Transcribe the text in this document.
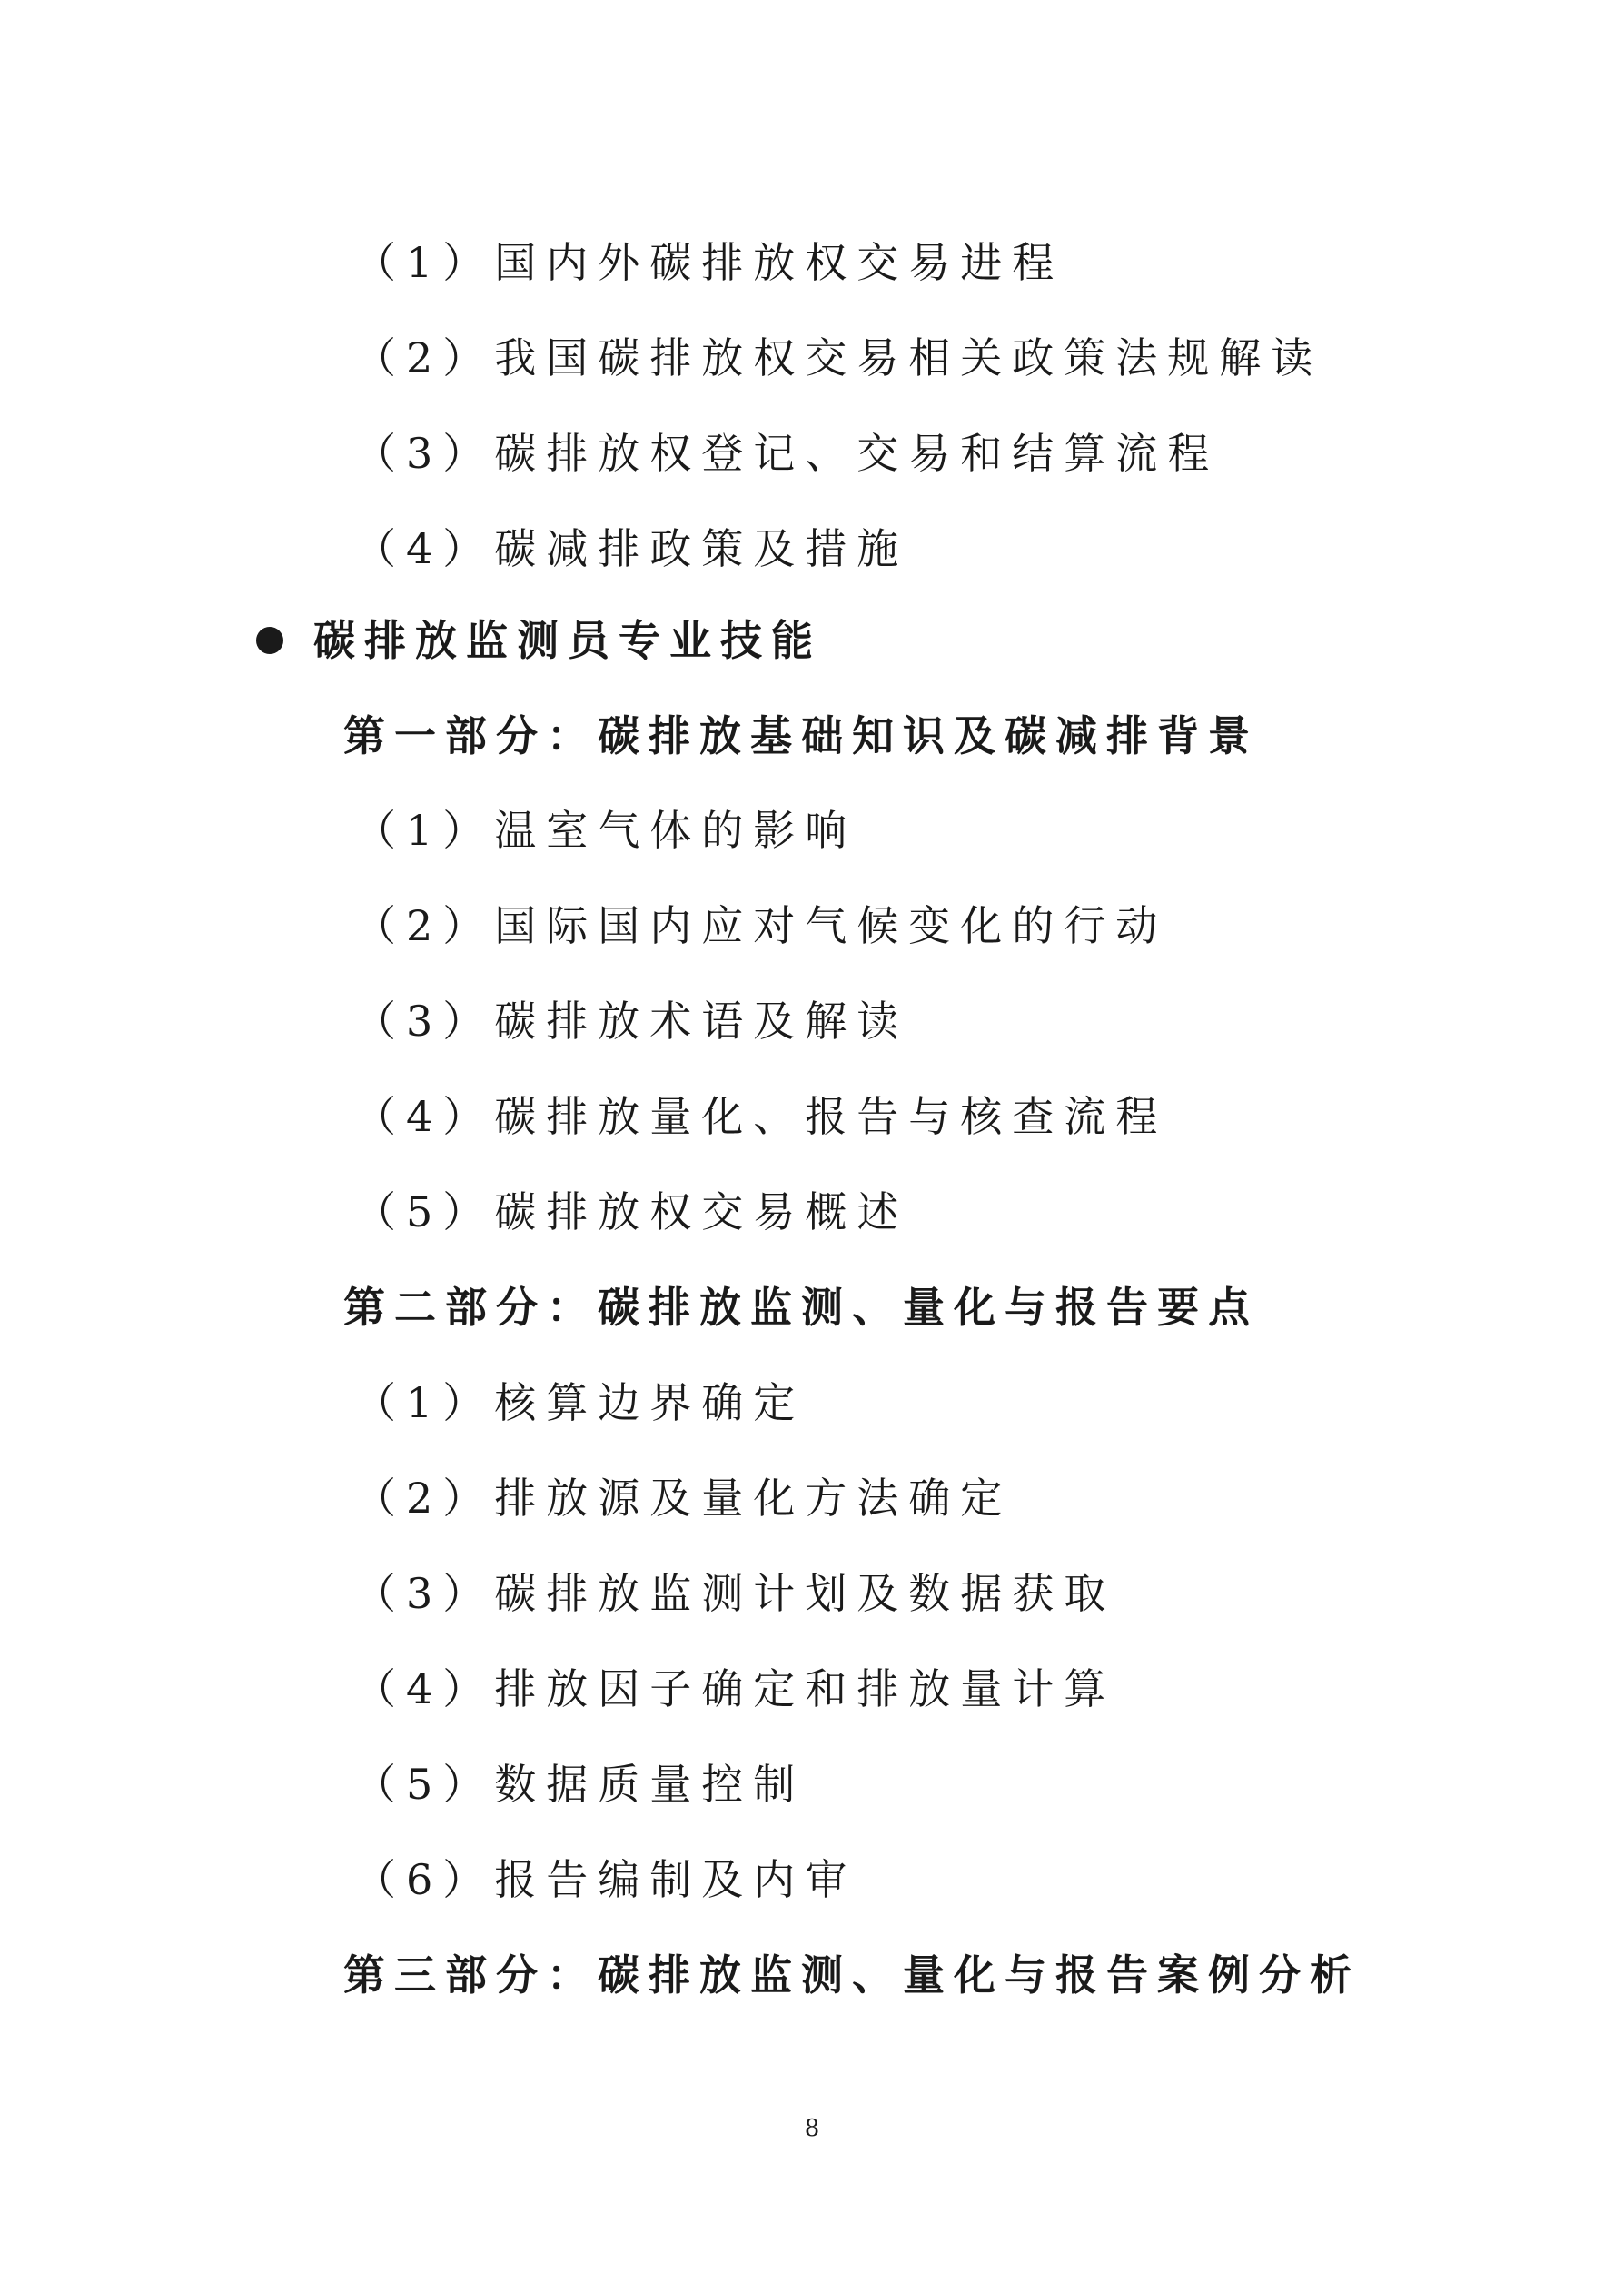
（1）国内外碳排放权交易进程
（2）我国碳排放权交易相关政策法规解读
（3）碳排放权登记、交易和结算流程
（4）碳减排政策及措施
碳排放监测员专业技能
第一部分：碳排放基础知识及碳减排背景
（1）温室气体的影响
（2）国际国内应对气候变化的行动
（3）碳排放术语及解读
（4）碳排放量化、报告与核查流程
（5）碳排放权交易概述
第二部分：碳排放监测、量化与报告要点
（1）核算边界确定
（2）排放源及量化方法确定
（3）碳排放监测计划及数据获取
（4）排放因子确定和排放量计算
（5）数据质量控制
（6）报告编制及内审
第三部分：碳排放监测、量化与报告案例分析
8
